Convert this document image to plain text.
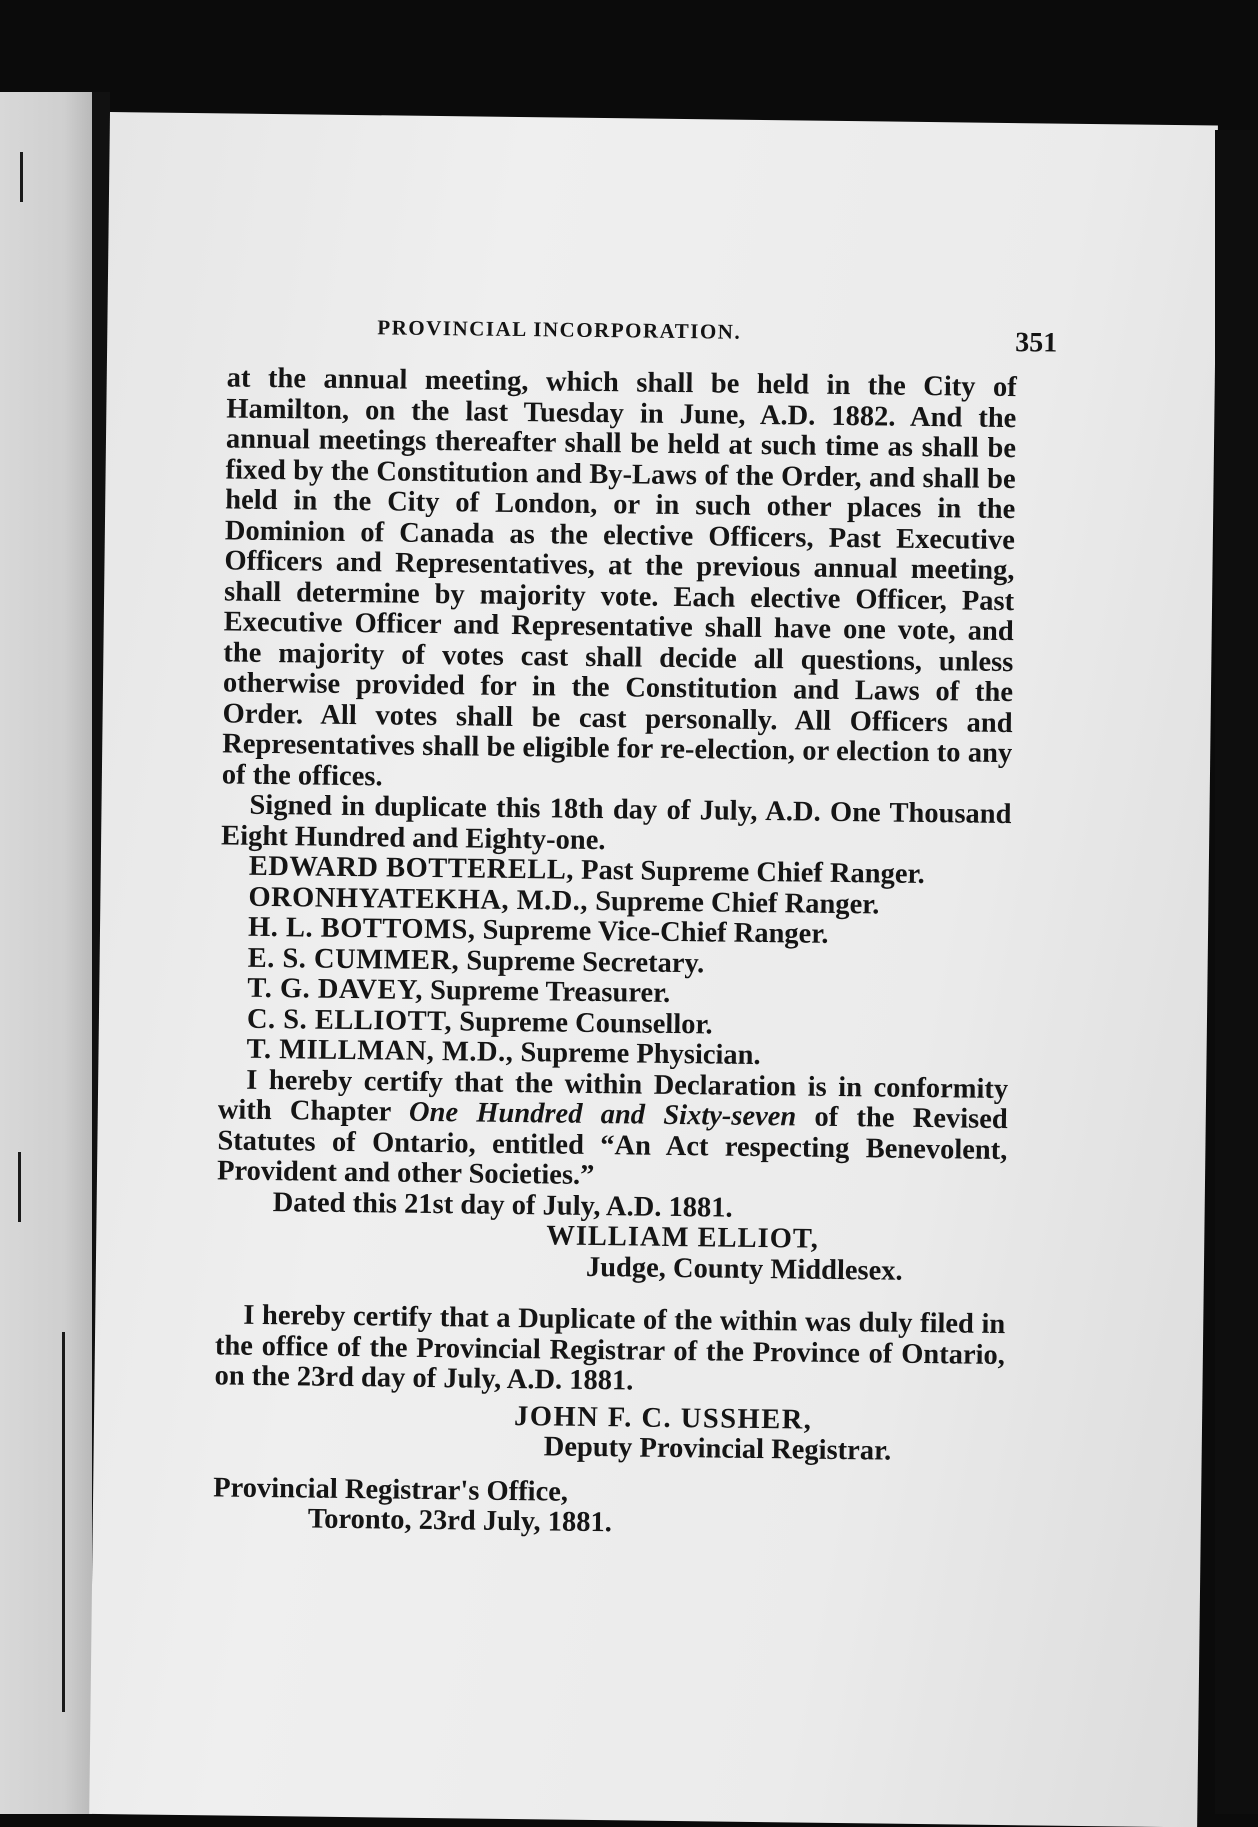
PROVINCIAL INCORPORATION.	351

at the annual meeting, which shall be held in the City of Hamilton, on the last Tuesday in June, A.D. 1882. And the annual meetings thereafter shall be held at such time as shall be fixed by the Constitution and By-Laws of the Order, and shall be held in the City of London, or in such other places in the Dominion of Canada as the elective Officers, Past Executive Officers and Representatives, at the previous annual meeting, shall determine by majority vote. Each elective Officer, Past Executive Officer and Representative shall have one vote, and the majority of votes cast shall decide all questions, unless otherwise provided for in the Constitution and Laws of the Order. All votes shall be cast personally. All Officers and Representatives shall be eligible for re-election, or election to any of the offices.

Signed in duplicate this 18th day of July, A.D. One Thousand Eight Hundred and Eighty-one.

EDWARD BOTTERELL, Past Supreme Chief Ranger.
ORONHYATEKHA, M.D., Supreme Chief Ranger.
H. L. BOTTOMS, Supreme Vice-Chief Ranger.
E. S. CUMMER, Supreme Secretary.
T. G. DAVEY, Supreme Treasurer.
C. S. ELLIOTT, Supreme Counsellor.
T. MILLMAN, M.D., Supreme Physician.

I hereby certify that the within Declaration is in conformity with Chapter One Hundred and Sixty-seven of the Revised Statutes of Ontario, entitled “An Act respecting Benevolent, Provident and other Societies.”

Dated this 21st day of July, A.D. 1881.

WILLIAM ELLIOT,
Judge, County Middlesex.

I hereby certify that a Duplicate of the within was duly filed in the office of the Provincial Registrar of the Province of Ontario, on the 23rd day of July, A.D. 1881.

JOHN F. C. USSHER,
Deputy Provincial Registrar.
Provincial Registrar's Office,
Toronto, 23rd July, 1881.
